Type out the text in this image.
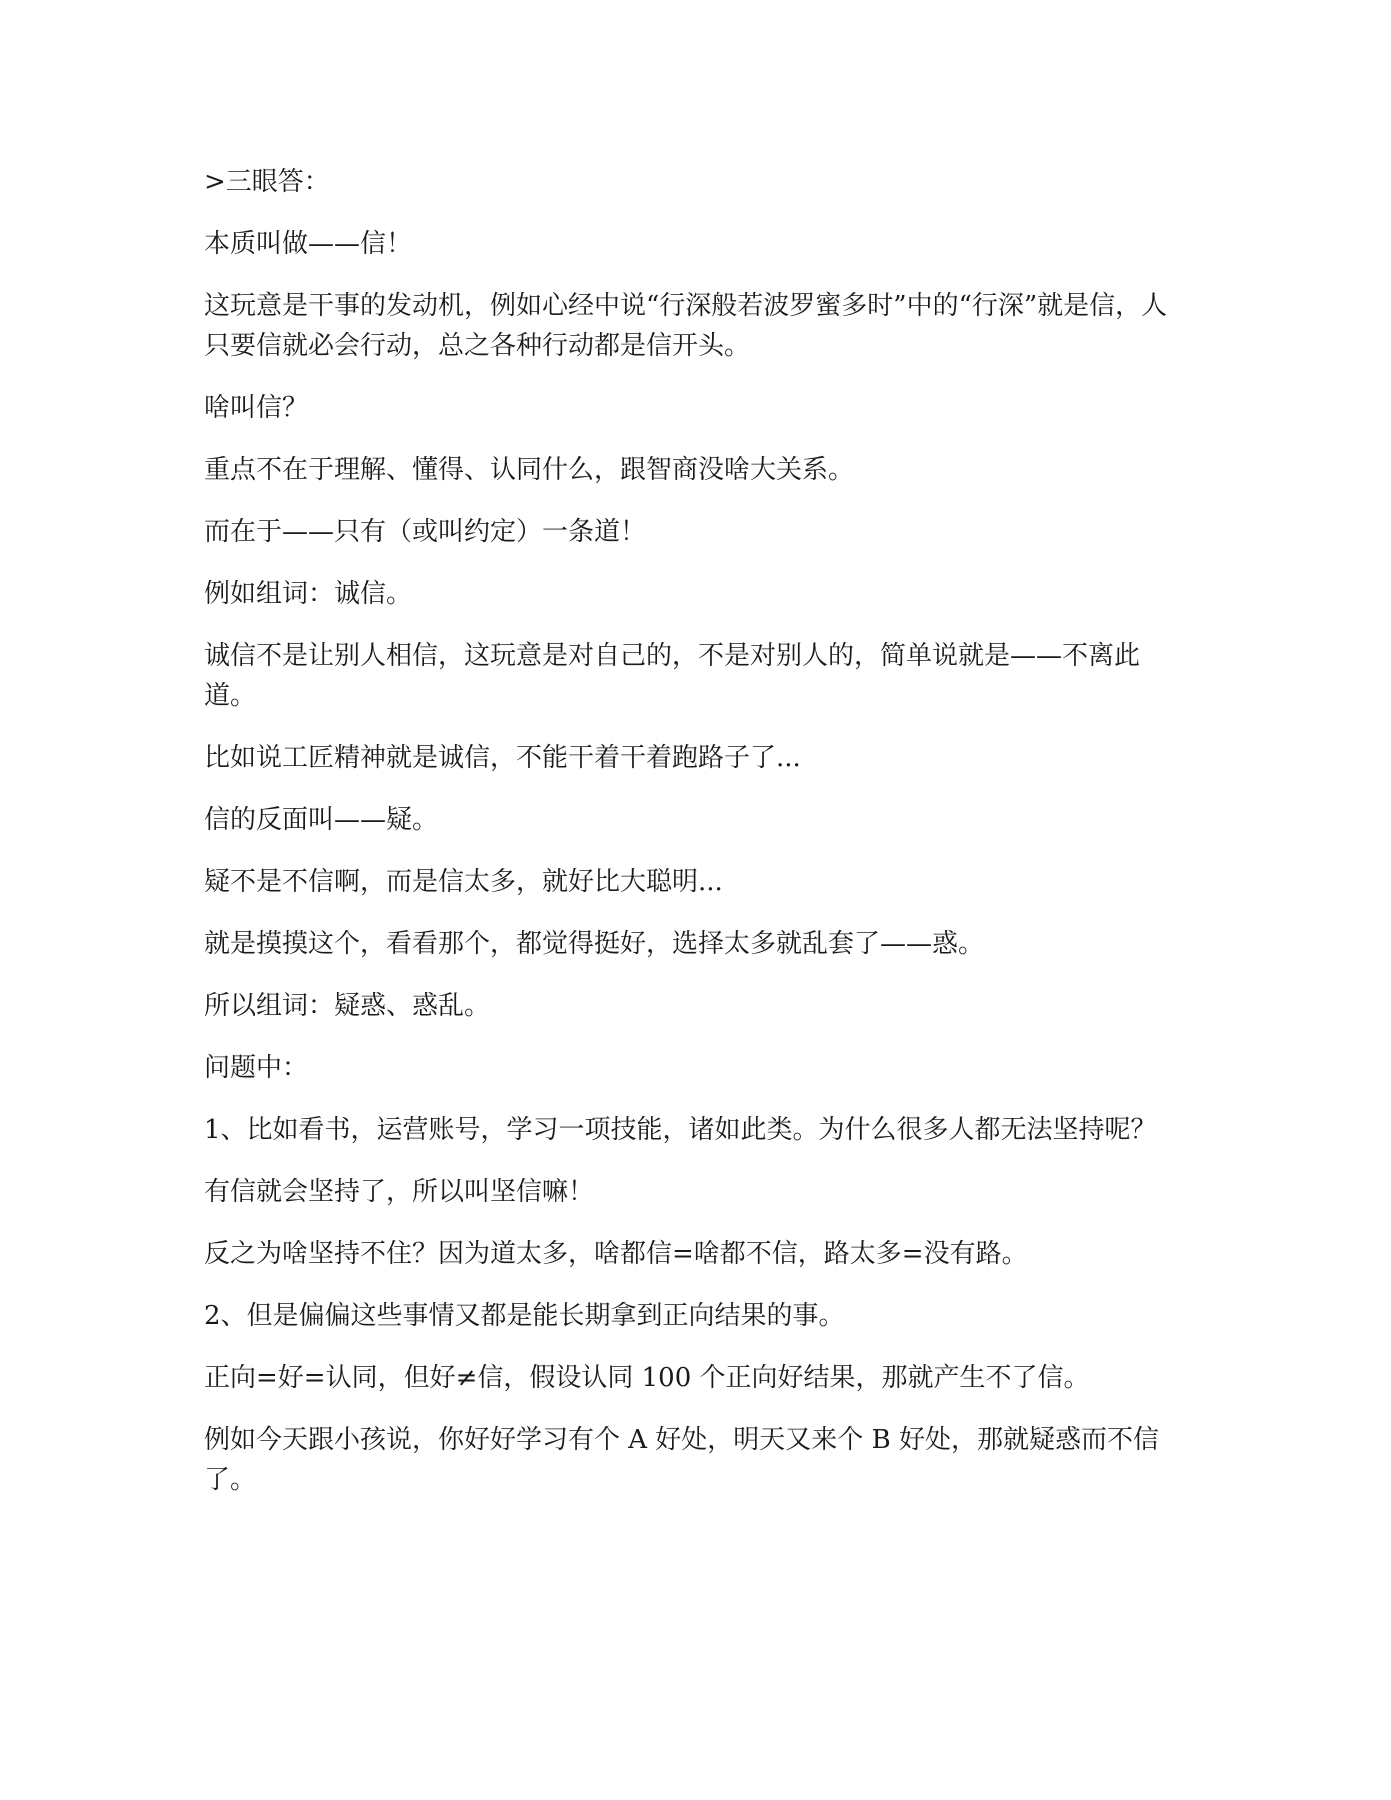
>三眼答：

本质叫做——信！

这玩意是干事的发动机，例如心经中说“行深般若波罗蜜多时”中的“行深”就是信，人只要信就必会行动，总之各种行动都是信开头。

啥叫信？

重点不在于理解、懂得、认同什么，跟智商没啥大关系。

而在于——只有（或叫约定）一条道！

例如组词：诚信。

诚信不是让别人相信，这玩意是对自己的，不是对别人的，简单说就是——不离此道。

比如说工匠精神就是诚信，不能干着干着跑路子了...

信的反面叫——疑。

疑不是不信啊，而是信太多，就好比大聪明...

就是摸摸这个，看看那个，都觉得挺好，选择太多就乱套了——惑。

所以组词：疑惑、惑乱。

问题中：

1、比如看书，运营账号，学习一项技能，诸如此类。为什么很多人都无法坚持呢？

有信就会坚持了，所以叫坚信嘛！

反之为啥坚持不住？因为道太多，啥都信=啥都不信，路太多=没有路。

2、但是偏偏这些事情又都是能长期拿到正向结果的事。

正向=好=认同，但好≠信，假设认同 100 个正向好结果，那就产生不了信。

例如今天跟小孩说，你好好学习有个 A 好处，明天又来个 B 好处，那就疑惑而不信了。
